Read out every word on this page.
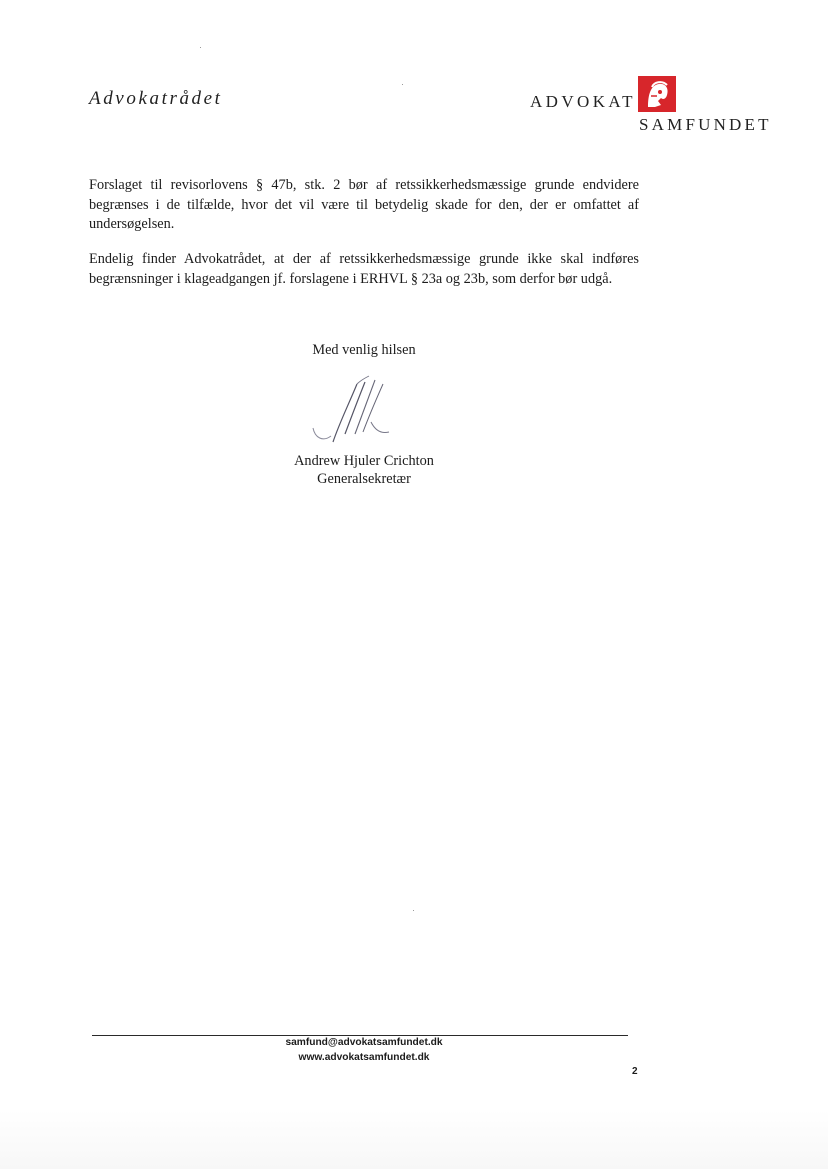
Advokatrådet	ADVOKAT
SAMFUNDET

Forslaget til revisorlovens § 47b, stk. 2 bør af retssikkerhedsmæssige grunde endvidere begrænses i de tilfælde, hvor det vil være til betydelig skade for den, der er omfattet af undersøgelsen.

Endelig finder Advokatrådet, at der af retssikkerhedsmæssige grunde ikke skal indføres begrænsninger i klageadgangen jf. forslagene i ERHVL § 23a og 23b, som derfor bør udgå.

Med venlig hilsen
Andrew Hjuler Crichton
Generalsekretær
samfund@advokatsamfundet.dk
www.advokatsamfundet.dk
2
